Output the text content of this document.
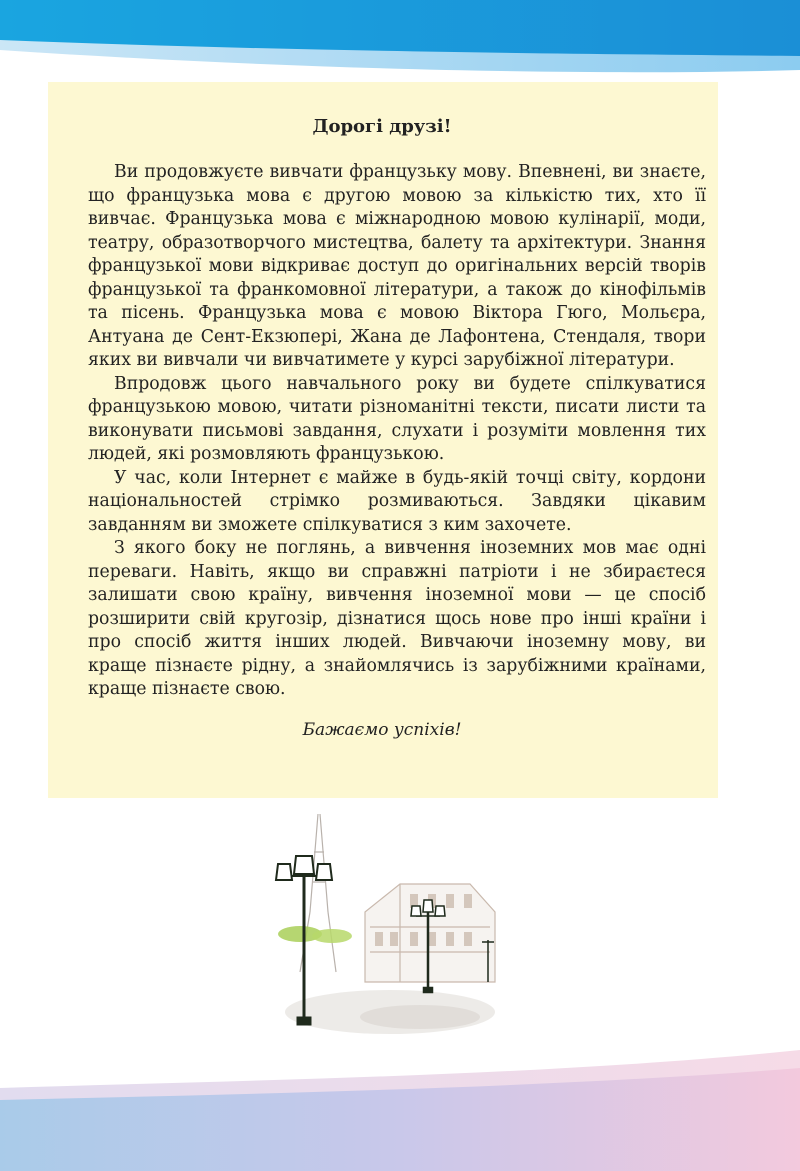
Дорогі друзі!

Ви продовжуєте вивчати французьку мову. Впевнені, ви знаєте, що французька мова є другою мовою за кількістю тих, хто її вивчає. Французька мова є міжнародною мовою кулінарії, моди, театру, образотворчого мистецтва, балету та архітектури. Знання французької мови відкриває доступ до оригінальних версій творів французької та франкомовної літератури, а також до кінофільмів та пісень. Французька мова є мовою Віктора Гюго, Мольєра, Антуана де Сент-Екзюпері, Жана де Лафонтена, Стендаля, твори яких ви вивчали чи вивчатимете у курсі зарубіжної літератури.

Впродовж цього навчального року ви будете спілкуватися французькою мовою, читати різноманітні тексти, писати листи та виконувати письмові завдання, слухати і розуміти мовлення тих людей, які розмовляють французькою.

У час, коли Інтернет є майже в будь-якій точці світу, кордони національностей стрімко розмиваються. Завдяки цікавим завданням ви зможете спілкуватися з ким захочете.

З якого боку не поглянь, а вивчення іноземних мов має одні переваги. Навіть, якщо ви справжні патріоти і не збираєтеся залишати свою країну, вивчення іноземної мови — це спосіб розширити свій кругозір, дізнатися щось нове про інші країни і про спосіб життя інших людей. Вивчаючи іноземну мову, ви краще пізнаєте рідну, а знайомлячись із зарубіжними країнами, краще пізнаєте свою.

Бажаємо успіхів!
